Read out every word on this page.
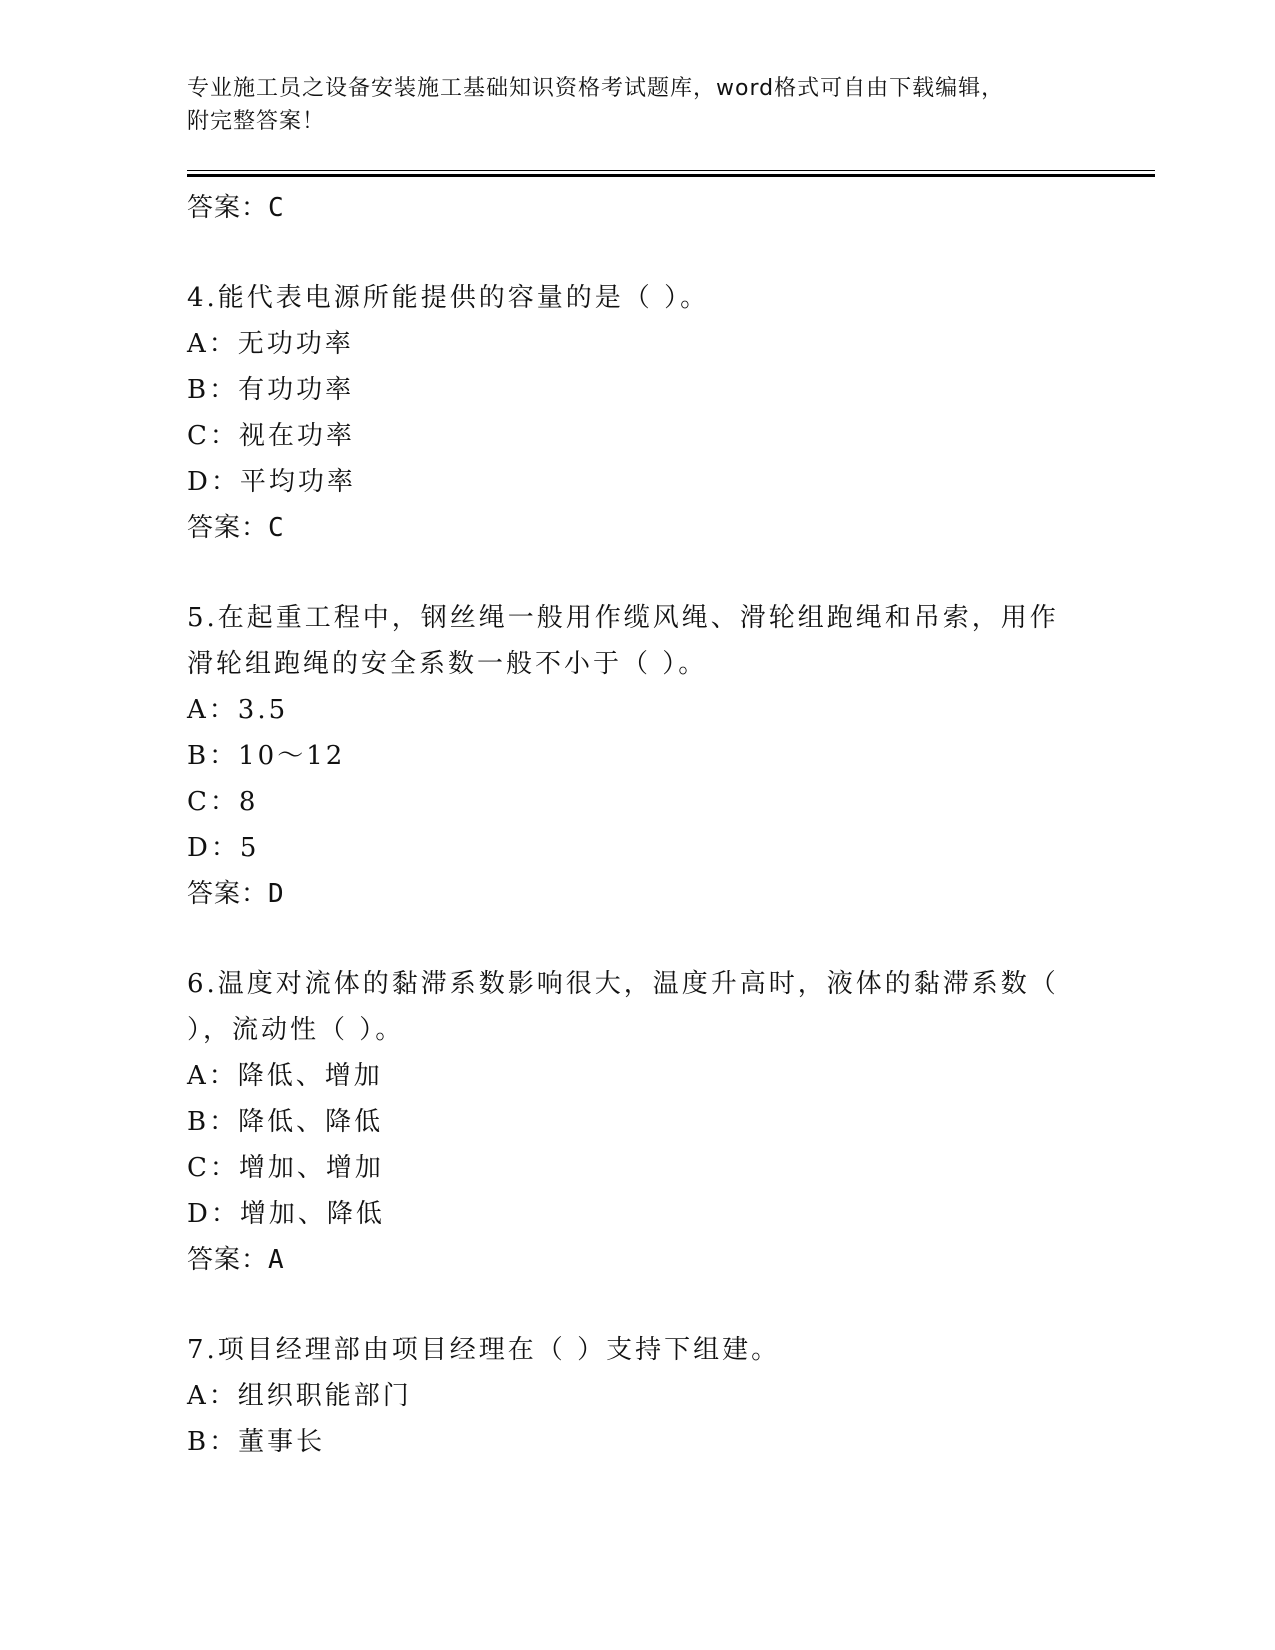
专业施工员之设备安装施工基础知识资格考试题库，word格式可自由下载编辑，
附完整答案！

答案：C

4.能代表电源所能提供的容量的是（ ）。

A：无功功率

B：有功功率

C：视在功率

D：平均功率

答案：C

5.在起重工程中，钢丝绳一般用作缆风绳、滑轮组跑绳和吊索，用作滑轮组跑绳的安全系数一般不小于（ ）。

A：3.5

B：10～12

C：8

D：5

答案：D

6.温度对流体的黏滞系数影响很大，温度升高时，液体的黏滞系数（ ），流动性（ ）。

A：降低、增加

B：降低、降低

C：增加、增加

D：增加、降低

答案：A

7.项目经理部由项目经理在（ ）支持下组建。

A：组织职能部门

B：董事长
